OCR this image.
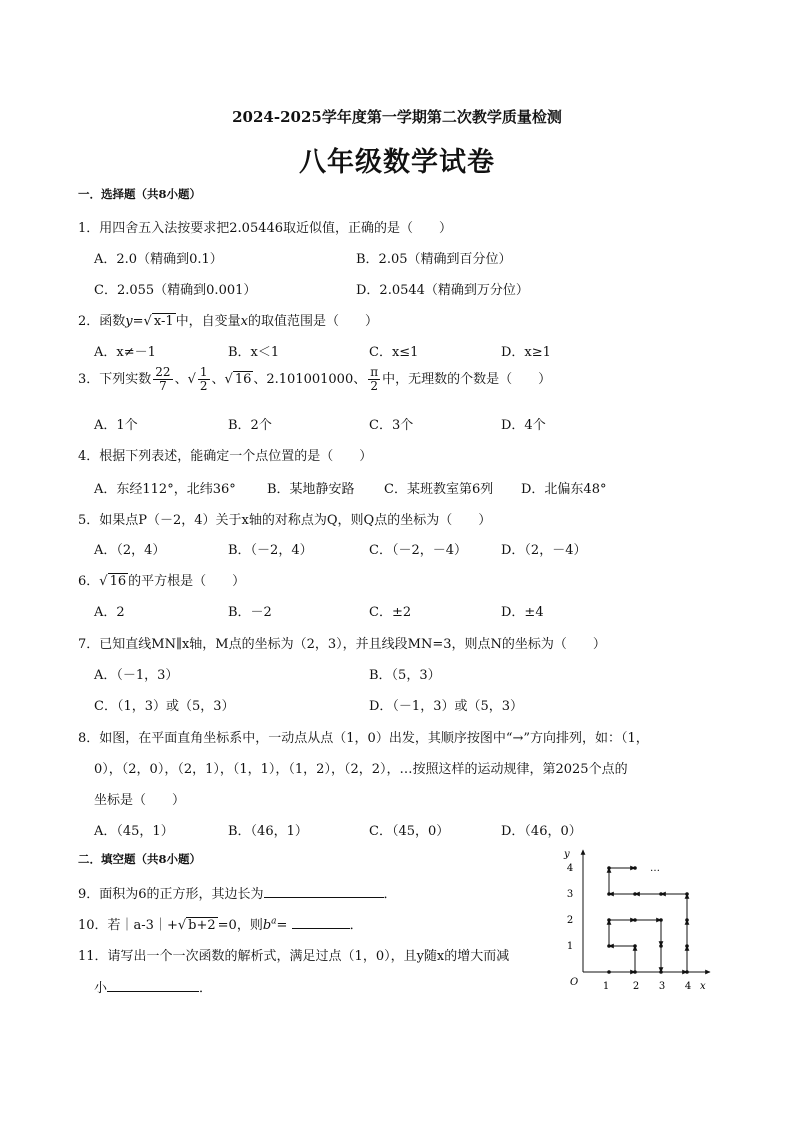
2024-2025学年度第一学期第二次教学质量检测
八年级数学试卷
一．选择题（共8小题）
1．用四舍五入法按要求把2.05446取近似值，正确的是（　　）
A．2.0（精确到0.1）	B．2.05（精确到百分位）
C．2.055（精确到0.001）	D．2.0544（精确到万分位）
2．函数y=√ x-1 中，自变量x的取值范围是（　　）
A．x≠－1	B．x＜1	C．x≤1	D．x≥1
3．下列实数 $\frac{22}{7}$ 、√ $\frac{1}{2}$ 、√ 16 、2.101001000、 $\frac{\pi}{2}$ 中，无理数的个数是（　　）
A．1个	B．2个	C．3个	D．4个
4．根据下列表述，能确定一个点位置的是（　　）
A．东经112°，北纬36° B．某地静安路 C．某班教室第6列 D．北偏东48°
5．如果点P（－2，4）关于x轴的对称点为Q，则Q点的坐标为（　　）
A．（2，4）	B．（－2，4）	C．（－2，－4）	D．（2，－4）
6．√ 16 的平方根是（　　）
A．2	B．－2	C．±2	D．±4
7．已知直线MN∥x轴，M点的坐标为（2，3），并且线段MN=3，则点N的坐标为（　　）
A．（－1，3）	B．（5，3）
C．（1，3）或（5，3）	D．（－1，3）或（5，3）
8．如图，在平面直角坐标系中，一动点从点（1，0）出发，其顺序按图中“→”方向排列，如：（1，
0），（2，0），（2，1），（1，1），（1，2），（2，2），…按照这样的运动规律，第2025个点的
坐标是（　　）
A．（45，1）	B．（46，1）	C．（45，0）	D．（46，0）
二．填空题（共8小题）
9．面积为6的正方形，其边长为	．
10．若｜a-3｜+√ b+2 =0，则$b^a=$	．
11．请写出一个一次函数的解析式，满足过点（1，0），且y随x的增大而减
小	．
y
x
O 1 2 3 4
1
2
3
4	…
